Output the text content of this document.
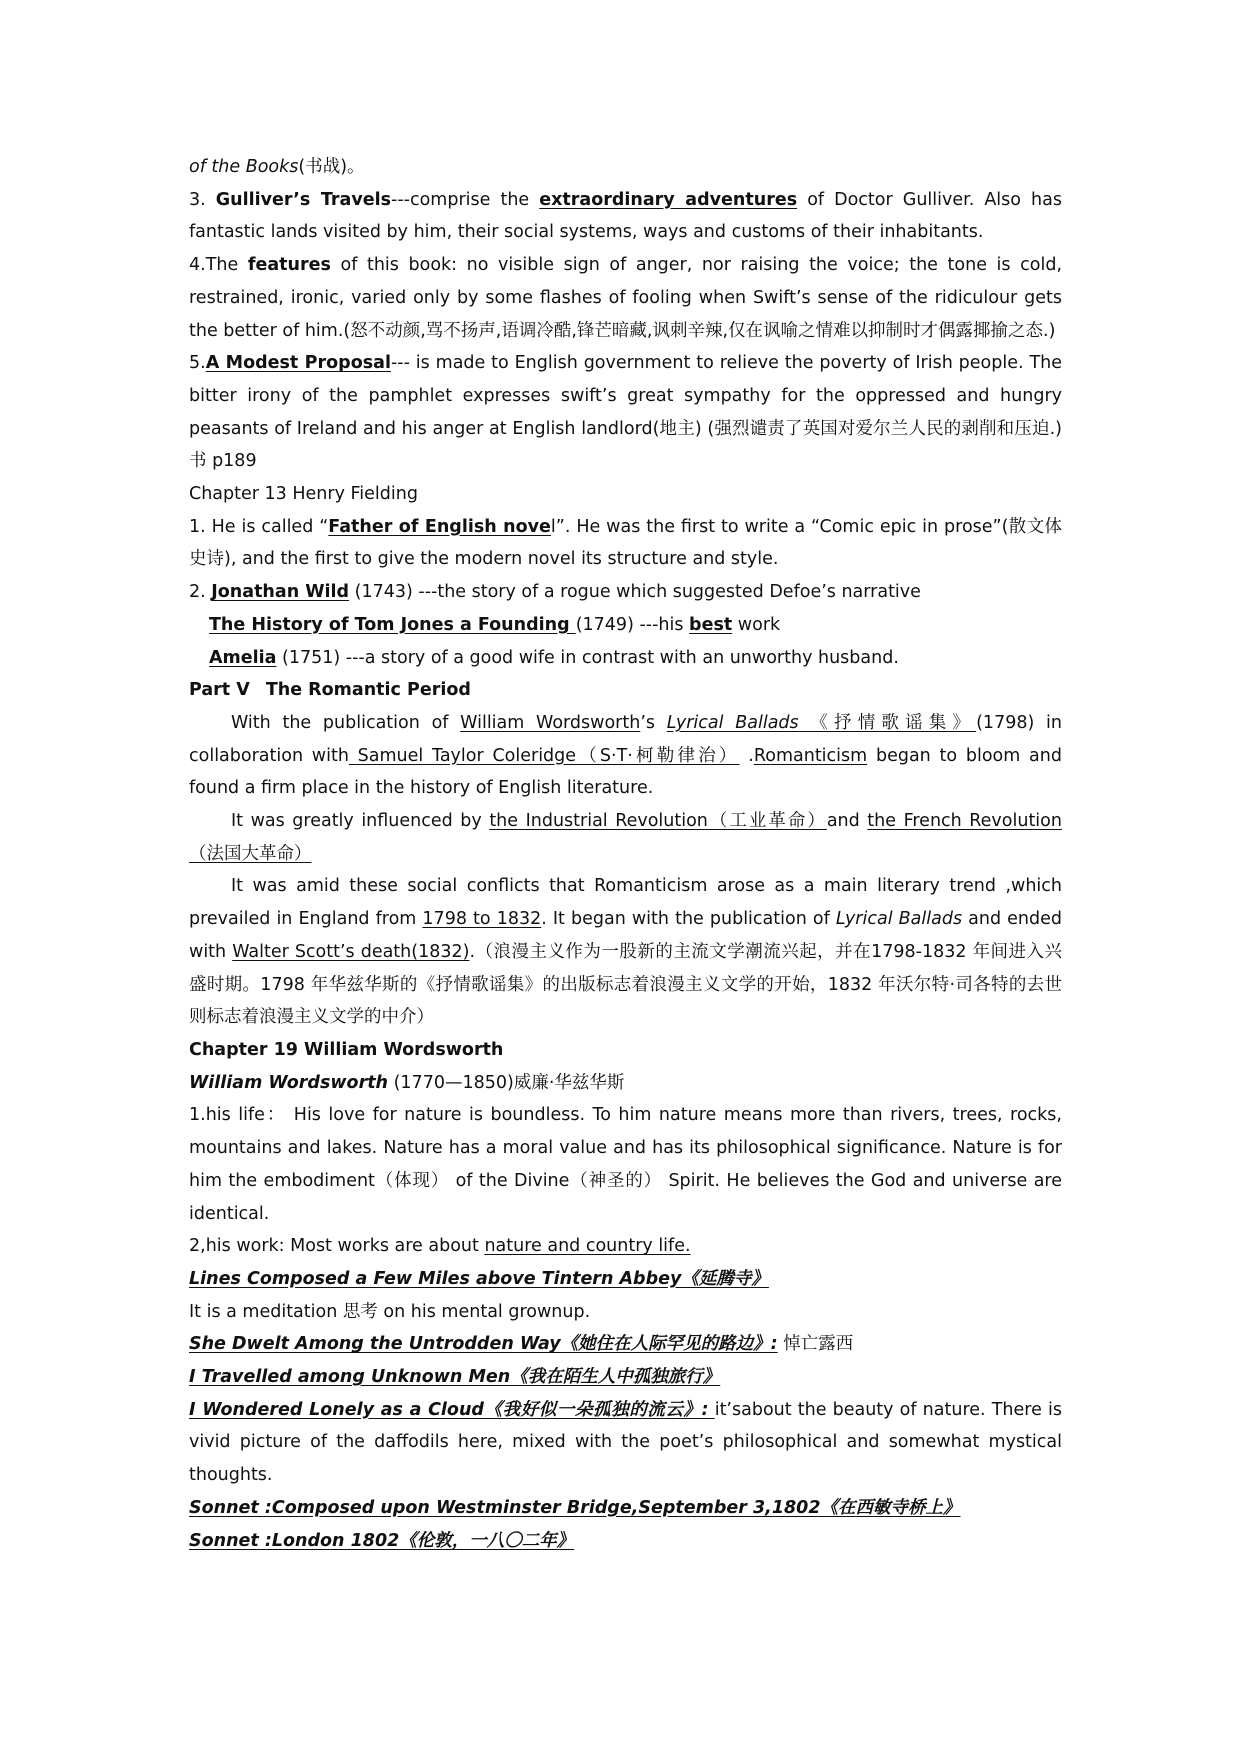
of the Books(书战)。

3. Gulliver’s Travels---comprise the extraordinary adventures of Doctor Gulliver. Also has fantastic lands visited by him, their social systems, ways and customs of their inhabitants.

4.The features of this book: no visible sign of anger, nor raising the voice; the tone is cold, restrained, ironic, varied only by some flashes of fooling when Swift’s sense of the ridiculour gets the better of him.(怒不动颜,骂不扬声,语调冷酷,锋芒暗藏,讽刺辛辣,仅在讽喻之情难以抑制时才偶露揶揄之态.)

5.A Modest Proposal--- is made to English government to relieve the poverty of Irish people. The bitter irony of the pamphlet expresses swift’s great sympathy for the oppressed and hungry peasants of Ireland and his anger at English landlord(地主) (强烈谴责了英国对爱尔兰人民的剥削和压迫.)书 p189

Chapter 13 Henry Fielding

1. He is called “Father of English novel”. He was the first to write a “Comic epic in prose”(散文体史诗), and the first to give the modern novel its structure and style.

2. Jonathan Wild (1743) ---the story of a rogue which suggested Defoe’s narrative

The History of Tom Jones a Founding (1749) ---his best work

Amelia (1751) ---a story of a good wife in contrast with an unworthy husband.

Part V The Romantic Period

With the publication of William Wordsworth’s Lyrical Ballads 《抒情歌谣集》(1798) in collaboration with Samuel Taylor Coleridge（S·T·柯勒律治） .Romanticism began to bloom and found a firm place in the history of English literature.

It was greatly influenced by the Industrial Revolution（工业革命）and the French Revolution（法国大革命）

It was amid these social conflicts that Romanticism arose as a main literary trend ,which prevailed in England from 1798 to 1832. It began with the publication of Lyrical Ballads and ended with Walter Scott’s death(1832).（浪漫主义作为一股新的主流文学潮流兴起，并在1798-1832 年间进入兴盛时期。1798 年华兹华斯的《抒情歌谣集》的出版标志着浪漫主义文学的开始，1832 年沃尔特·司各特的去世则标志着浪漫主义文学的中介）

Chapter 19 William Wordsworth

William Wordsworth (1770—1850)威廉·华兹华斯

1.his life： His love for nature is boundless. To him nature means more than rivers, trees, rocks, mountains and lakes. Nature has a moral value and has its philosophical significance. Nature is for him the embodiment（体现） of the Divine（神圣的） Spirit. He believes the God and universe are identical.

2,his work: Most works are about nature and country life.

Lines Composed a Few Miles above Tintern Abbey《延腾寺》

It is a meditation 思考 on his mental grownup.

She Dwelt Among the Untrodden Way《她住在人际罕见的路边》: 悼亡露西

I Travelled among Unknown Men《我在陌生人中孤独旅行》

I Wondered Lonely as a Cloud《我好似一朵孤独的流云》: it’sabout the beauty of nature. There is vivid picture of the daffodils here, mixed with the poet’s philosophical and somewhat mystical thoughts.

Sonnet :Composed upon Westminster Bridge,September 3,1802《在西敏寺桥上》

Sonnet :London 1802《伦敦，一八〇二年》
